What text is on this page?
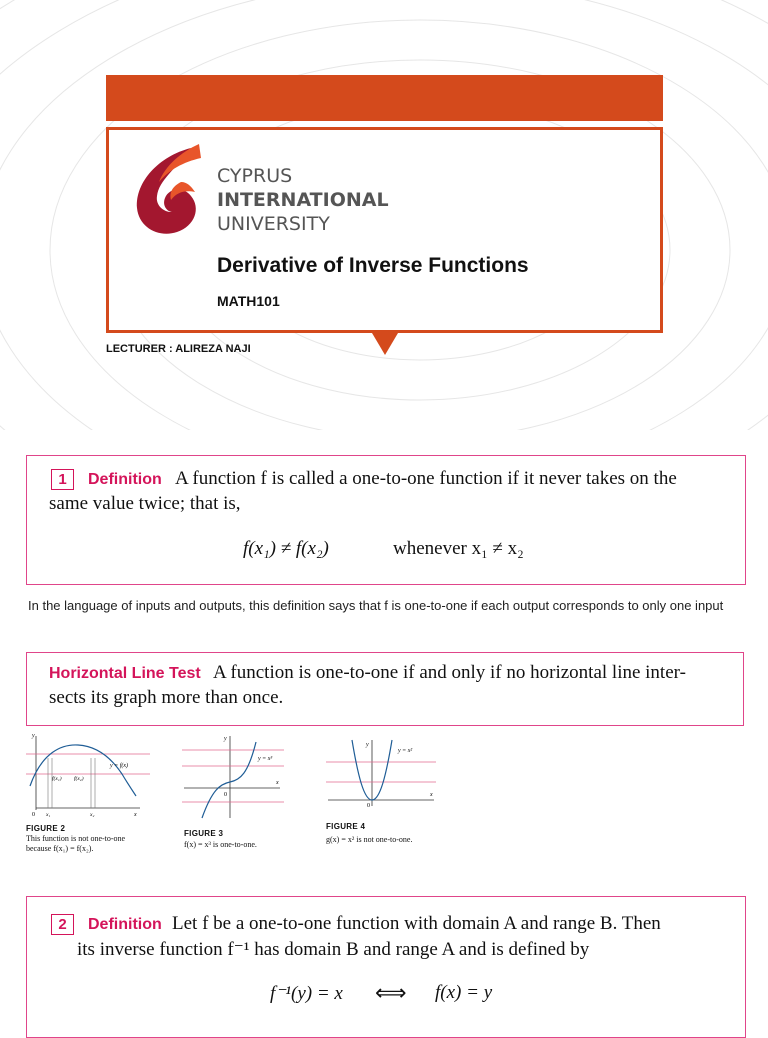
CYPRUS
INTERNATIONAL
UNIVERSITY
Derivative of Inverse Functions
MATH101
LECTURER : ALIREZA NAJI
1	Definition A function f is called a one-to-one function if it never takes on the
same value twice; that is,
f(x₁) ≠ f(x₂)	whenever x₁ ≠ x₂

In the language of inputs and outputs, this definition says that f is one-to-one if each output corresponds to only one input

Horizontal Line Test A function is one-to-one if and only if no horizontal line inter-
sects its graph more than once.
y
y = f(x)
f(x₁) f(x₂)
0 x₁	x₂	x
FIGURE 2
This function is not one-to-one
because f(x₁) = f(x₂).
y
y = x³
0
x
FIGURE 3
f(x) = x³ is one-to-one.
y
y = x²
0
x
FIGURE 4
g(x) = x² is not one-to-one.
2	Definition Let f be a one-to-one function with domain A and range B. Then
its inverse function f⁻¹ has domain B and range A and is defined by
f⁻¹(y) = x ⟺ f(x) = y
